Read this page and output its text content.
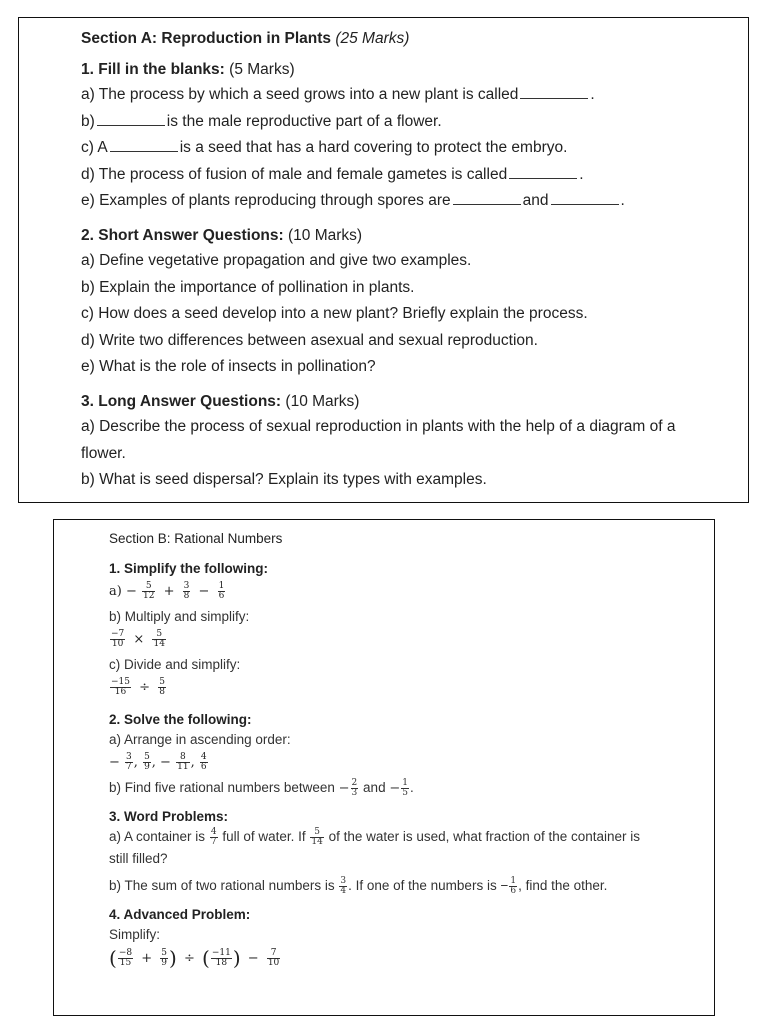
Section A: Reproduction in Plants (25 Marks)
1. Fill in the blanks: (5 Marks)
a) The process by which a seed grows into a new plant is called	.
b)	is the male reproductive part of a flower.
c) A	is a seed that has a hard covering to protect the embryo.
d) The process of fusion of male and female gametes is called	.
e) Examples of plants reproducing through spores are	and	.
2. Short Answer Questions: (10 Marks)
a) Define vegetative propagation and give two examples.
b) Explain the importance of pollination in plants.
c) How does a seed develop into a new plant? Briefly explain the process.
d) Write two differences between asexual and sexual reproduction.
e) What is the role of insects in pollination?
3. Long Answer Questions: (10 Marks)
a) Describe the process of sexual reproduction in plants with the help of a diagram of a
flower.
b) What is seed dispersal? Explain its types with examples.
Section B: Rational Numbers
1. Simplify the following:
$a) - \frac{5}{12} + \frac{3}{8} - \frac{1}{6}$
b) Multiply and simplify:
$\frac{-7}{10} \times \frac{5}{14}$
c) Divide and simplify:
$\frac{-15}{16} \div \frac{5}{8}$
2. Solve the following:
a) Arrange in ascending order:
− $\frac{3}{7}$ , $\frac{5}{9}$ , − $\frac{8}{11}$ , $\frac{4}{6}$
b) Find five rational numbers between − $\frac{2}{3}$ and − $\frac{1}{5}$ .
3. Word Problems:
a) A container is $\frac{4}{7}$ full of water. If $\frac{5}{14}$ of the water is used, what fraction of the container is
still filled?
b) The sum of two rational numbers is $\frac{3}{4}$ . If one of the numbers is − $\frac{1}{6}$ , find the other.
4. Advanced Problem:
Simplify:
( $\frac{-8}{15} + \frac{5}{9}$ ) ÷ ( $\frac{-11}{18}$ ) − $\frac{7}{10}$
